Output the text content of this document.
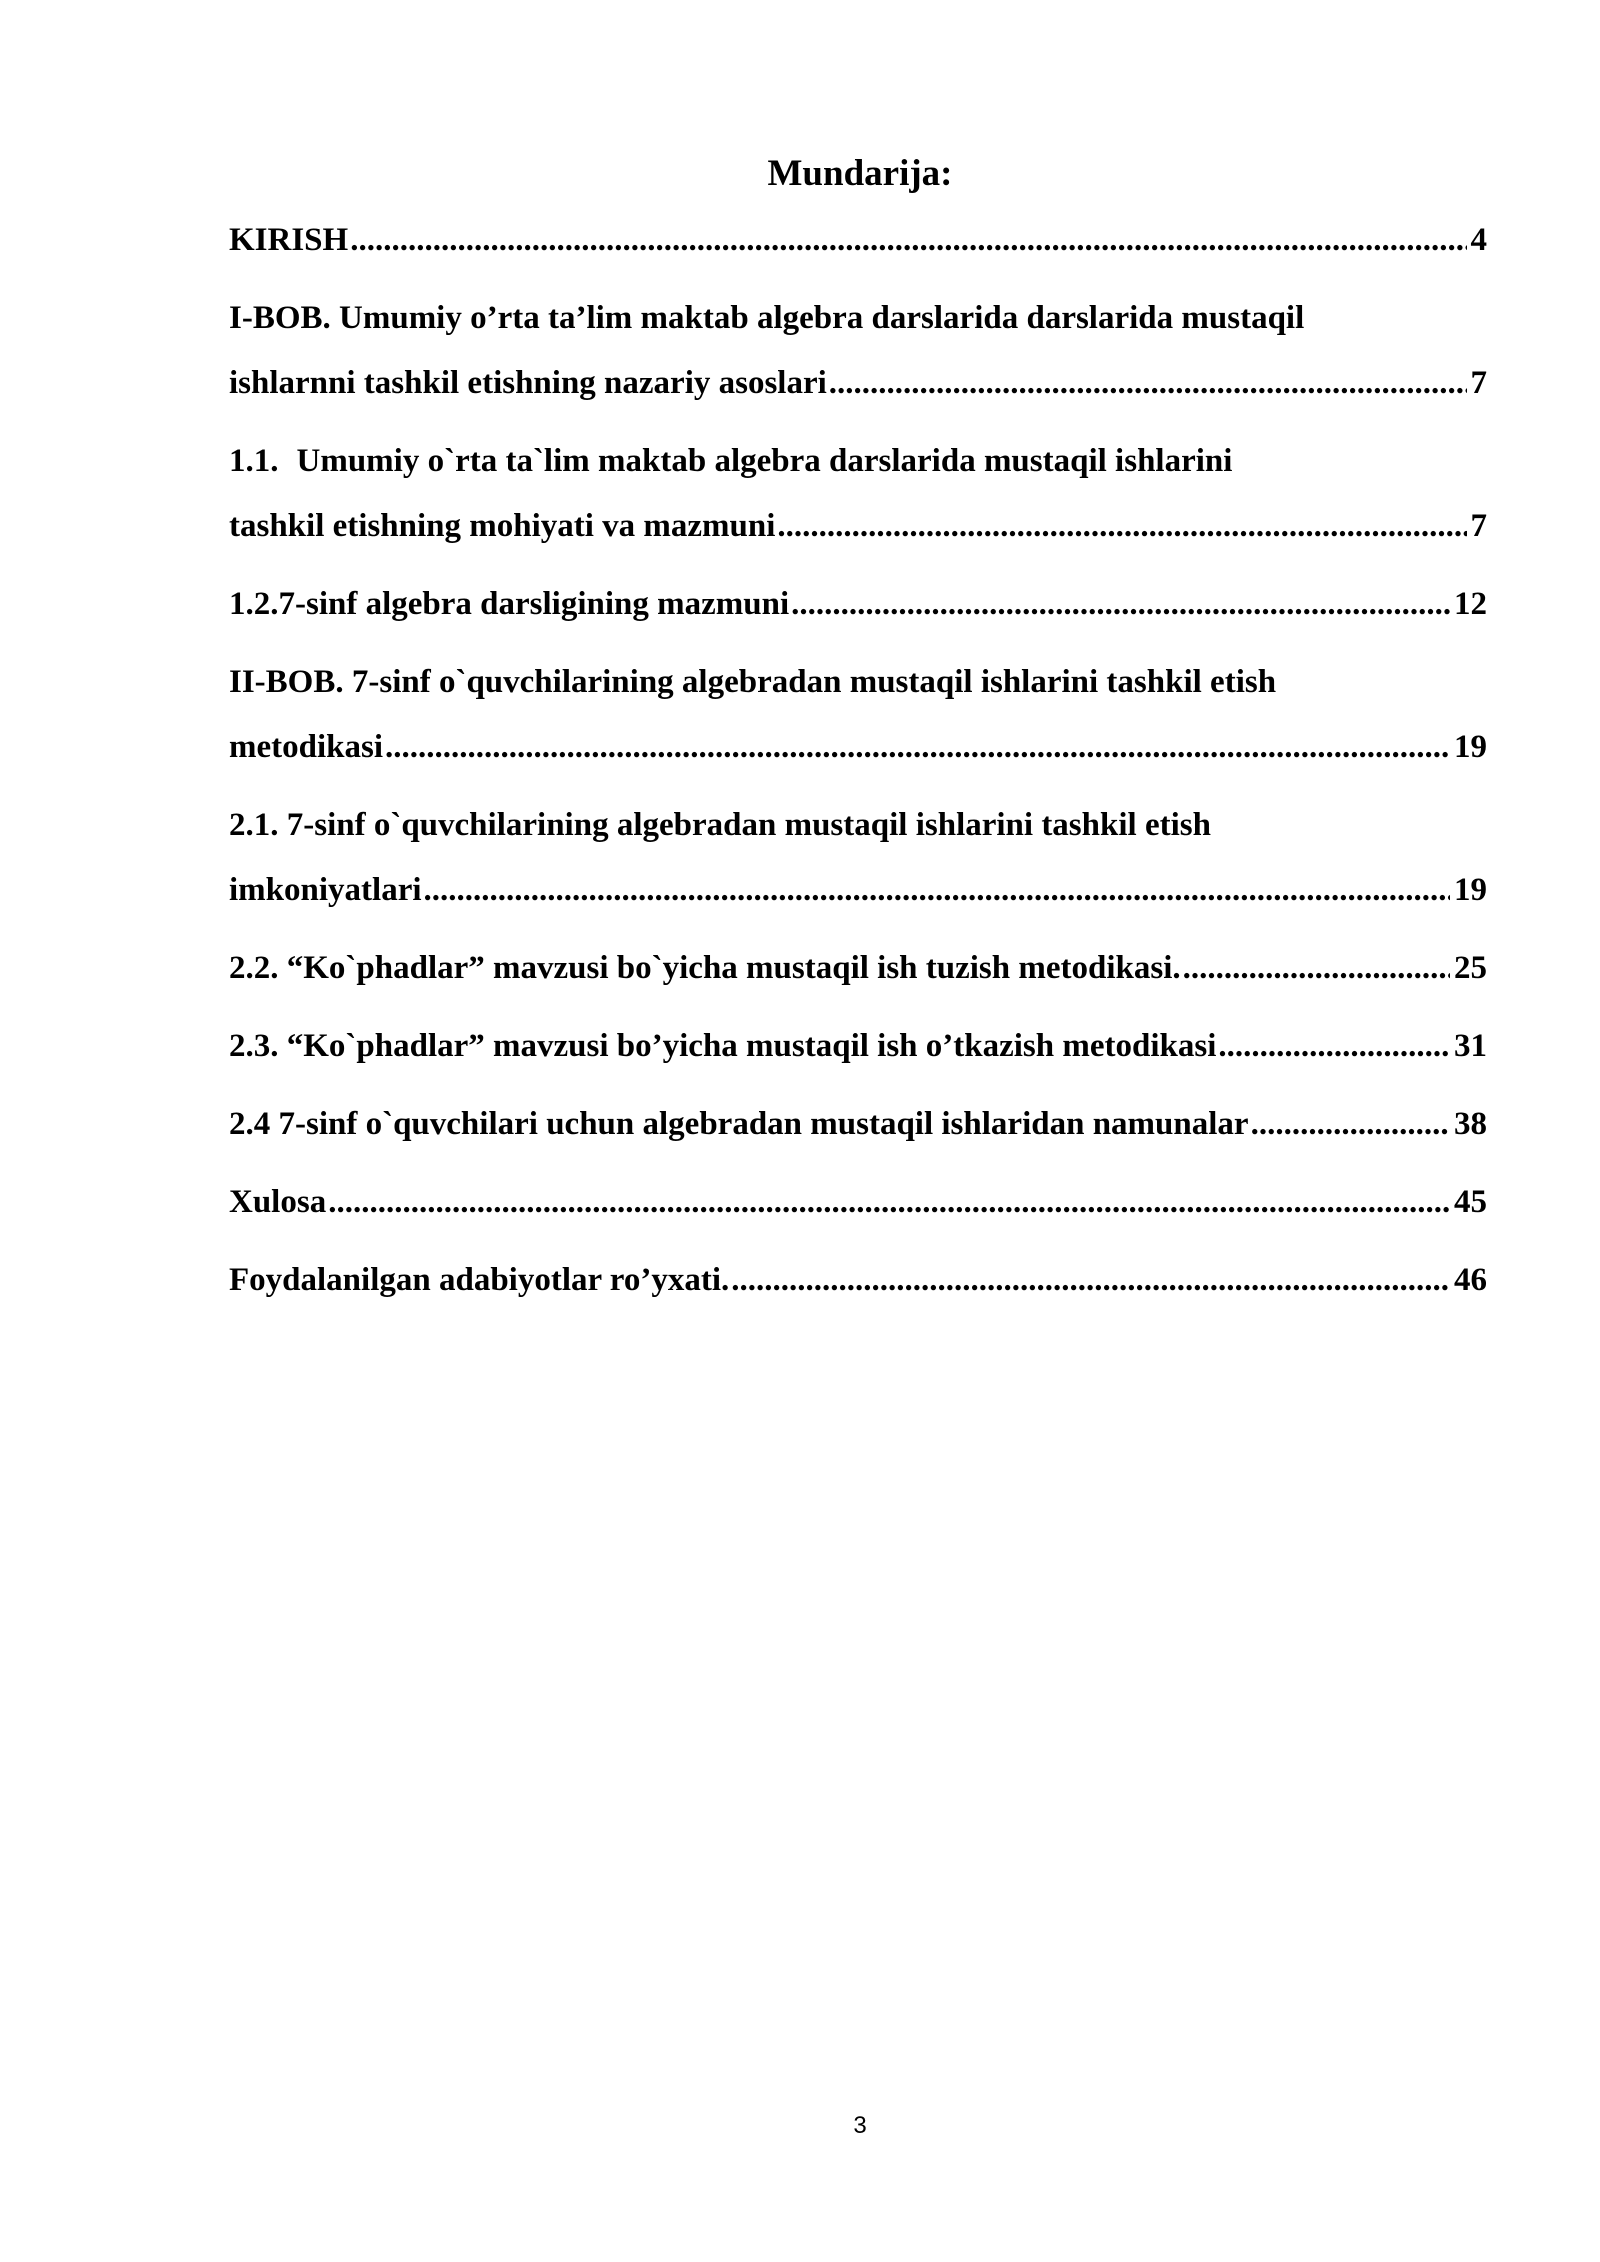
Mundarija:
KIRISH .....	4
I-BOB. Umumiy o’rta ta’lim maktab algebra darslarida darslarida mustaqil
ishlarnni tashkil etishning nazariy asoslari .....	7
1.1. Umumiy o`rta ta`lim maktab algebra darslarida mustaqil ishlarini
tashkil etishning mohiyati va mazmuni .....	7
1.2.7-sinf algebra darsligining mazmuni .....	12
II-BOB. 7-sinf o`quvchilarining algebradan mustaqil ishlarini tashkil etish
metodikasi .....	19
2.1. 7-sinf o`quvchilarining algebradan mustaqil ishlarini tashkil etish
imkoniyatlari .....	19
2.2. “Ko`phadlar” mavzusi bo`yicha mustaqil ish tuzish metodikasi. .....	25
2.3. “Ko`phadlar” mavzusi bo’yicha mustaqil ish o’tkazish metodikasi .....	31
2.4 7-sinf o`quvchilari uchun algebradan mustaqil ishlaridan namunalar .....	38
Xulosa .....	45
Foydalanilgan adabiyotlar ro’yxati. .....	46
3
